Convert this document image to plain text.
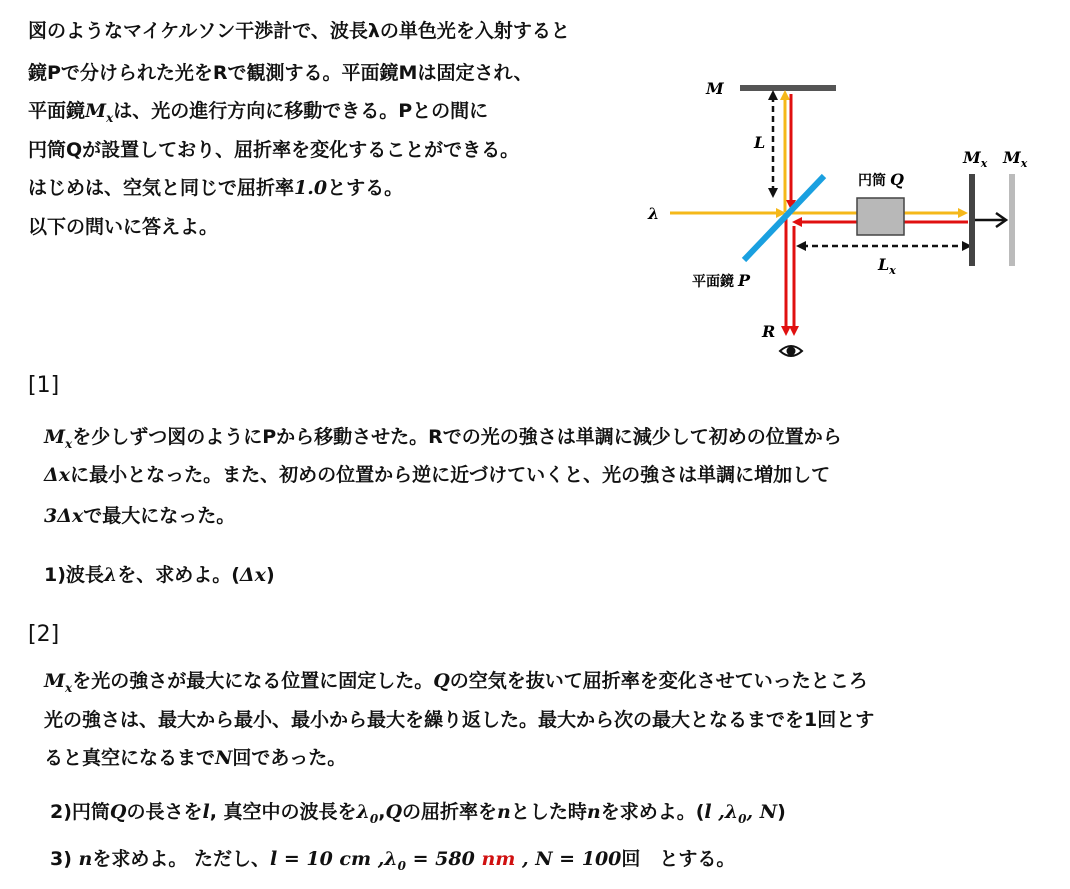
図のようなマイケルソン干渉計で、波長λの単色光を入射すると
鏡Pで分けられた光をRで観測する。平面鏡Mは固定され、
平面鏡$M_x$は、光の進行方向に移動できる。Pとの間に
円筒Qが設置しており、屈折率を変化することができる。
はじめは、空気と同じで屈折率1.0とする。
以下の問いに答えよ。
M
L
λ
円筒 Q
$M_x$ $M_x$
$L_x$
平面鏡 P
R
[1]
$M_x$を少しずつ図のようにPから移動させた。Rでの光の強さは単調に減少して初めの位置から
Δxに最小となった。また、初めの位置から逆に近づけていくと、光の強さは単調に増加して
3Δxで最大になった。
1)波長λを、求めよ。(Δx)
[2]
$M_x$を光の強さが最大になる位置に固定した。Qの空気を抜いて屈折率を変化させていったところ
光の強さは、最大から最小、最小から最大を繰り返した。最大から次の最大となるまでを1回とす
ると真空になるまでN回であった。
2)円筒Qの長さをl, 真空中の波長を$\lambda_0,Q$の屈折率をnとした時nを求めよ。(l $,\lambda_0$, N)
3) nを求めよ。 ただし、l = 10 cm $,\lambda_0 = 580$ nm , N = 100回　とする。
